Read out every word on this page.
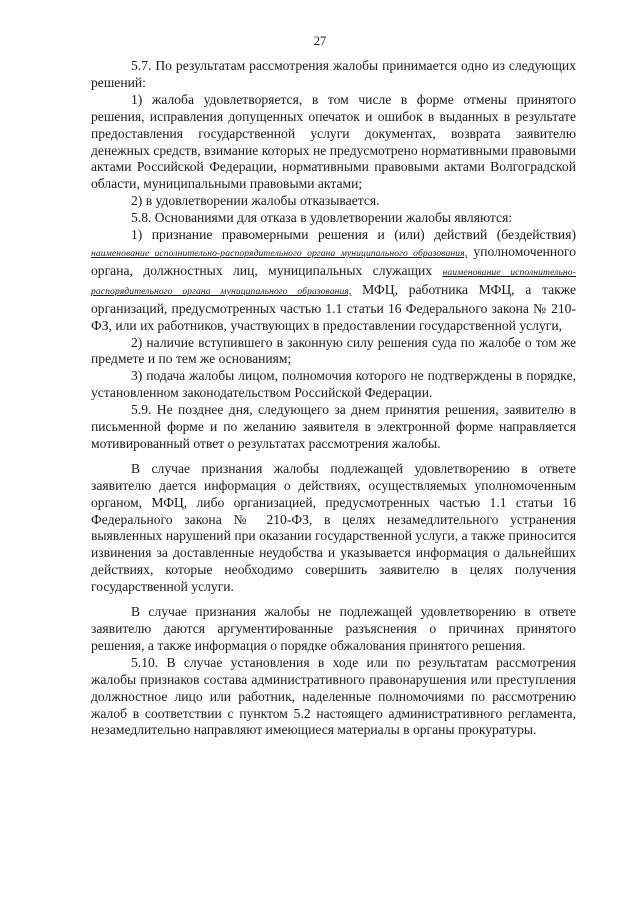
27

5.7. По результатам рассмотрения жалобы принимается одно из следующих решений:

1) жалоба удовлетворяется, в том числе в форме отмены принятого решения, исправления допущенных опечаток и ошибок в выданных в результате предоставления государственной услуги документах, возврата заявителю денежных средств, взимание которых не предусмотрено нормативными правовыми актами Российской Федерации, нормативными правовыми актами Волгоградской области, муниципальными правовыми актами;

2) в удовлетворении жалобы отказывается.

5.8. Основаниями для отказа в удовлетворении жалобы являются:

1) признание правомерными решения и (или) действий (бездействия) наименование исполнительно-распорядительного органа муниципального образования, уполномоченного органа, должностных лиц, муниципальных служащих наименование исполнительно-распорядительного органа муниципального образования, МФЦ, работника МФЦ, а также организаций, предусмотренных частью 1.1 статьи 16 Федерального закона № 210-ФЗ, или их работников, участвующих в предоставлении государственной услуги,

2) наличие вступившего в законную силу решения суда по жалобе о том же предмете и по тем же основаниям;

3) подача жалобы лицом, полномочия которого не подтверждены в порядке, установленном законодательством Российской Федерации.

5.9. Не позднее дня, следующего за днем принятия решения, заявителю в письменной форме и по желанию заявителя в электронной форме направляется мотивированный ответ о результатах рассмотрения жалобы.

В случае признания жалобы подлежащей удовлетворению в ответе заявителю дается информация о действиях, осуществляемых уполномоченным органом, МФЦ, либо организацией, предусмотренных частью 1.1 статьи 16 Федерального закона № 210-ФЗ, в целях незамедлительного устранения выявленных нарушений при оказании государственной услуги, а также приносится извинения за доставленные неудобства и указывается информация о дальнейших действиях, которые необходимо совершить заявителю в целях получения государственной услуги.

В случае признания жалобы не подлежащей удовлетворению в ответе заявителю даются аргументированные разъяснения о причинах принятого решения, а также информация о порядке обжалования принятого решения.

5.10. В случае установления в ходе или по результатам рассмотрения жалобы признаков состава административного правонарушения или преступления должностное лицо или работник, наделенные полномочиями по рассмотрению жалоб в соответствии с пунктом 5.2 настоящего административного регламента, незамедлительно направляют имеющиеся материалы в органы прокуратуры.
